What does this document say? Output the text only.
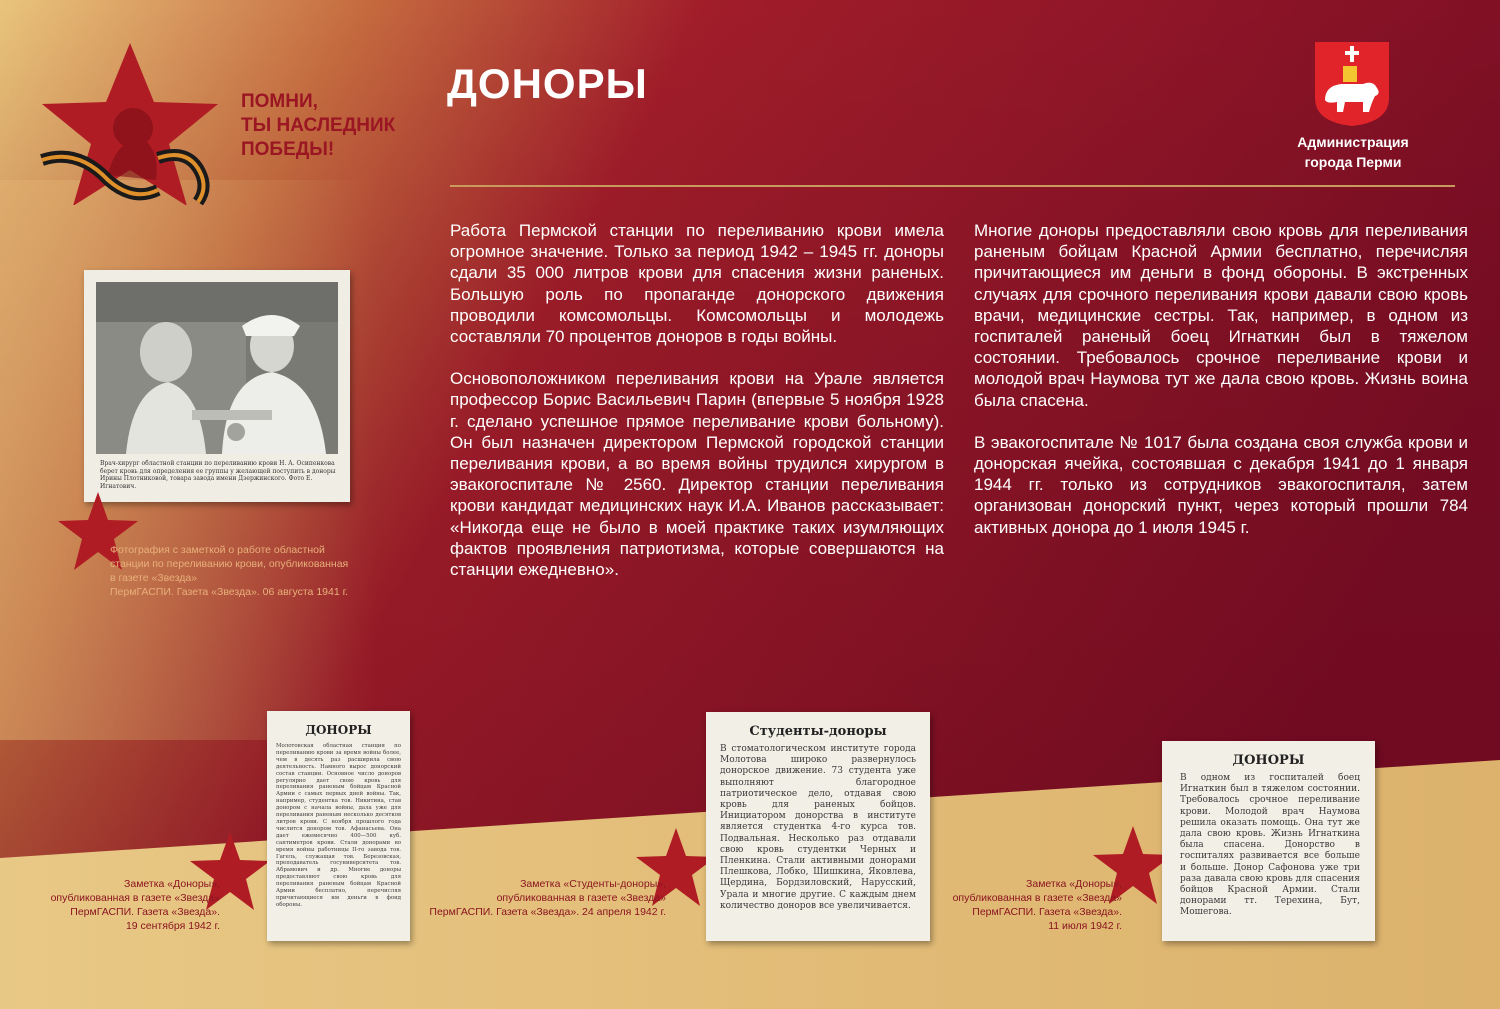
ПОМНИ,
ТЫ НАСЛЕДНИК
ПОБЕДЫ!
ДОНОРЫ
Администрация
города Перми

Работа Пермской станции по переливанию крови имела огромное значение. Только за период 1942 – 1945 гг. доноры сдали 35 000 литров крови для спасения жизни раненых. Большую роль по пропаганде донорского движения проводили комсомольцы. Комсомольцы и молодежь составляли 70 процентов доноров в годы войны.

Основоположником переливания крови на Урале является профессор Борис Васильевич Парин (впервые 5 ноября 1928 г. сделано успешное прямое переливание крови больному). Он был назначен директором Пермской городской станции переливания крови, а во время войны трудился хирургом в эвакогоспитале № 2560. Директор станции переливания крови кандидат медицинских наук И.А. Иванов рассказывает: «Никогда еще не было в моей практике таких изумляющих фактов проявления патриотизма, которые совершаются на станции ежедневно».

Многие доноры предоставляли свою кровь для переливания раненым бойцам Красной Армии бесплатно, перечисляя причитающиеся им деньги в фонд обороны. В экстренных случаях для срочного переливания крови давали свою кровь врачи, медицинские сестры. Так, например, в одном из госпиталей раненый боец Игнаткин был в тяжелом состоянии. Требовалось срочное переливание крови и молодой врач Наумова тут же дала свою кровь. Жизнь воина была спасена.

В эвакогоспитале № 1017 была создана своя служба крови и донорская ячейка, состоявшая с декабря 1941 до 1 января 1944 гг. только из сотрудников эвакогоспиталя, затем организован донорский пункт, через который прошли 784 активных донора до 1 июля 1945 г.

Врач-хирург областной станции по переливанию крови Н. А. Осипенкова берет кровь для определения ее группы у желающей поступить в доноры Ирины Плотниковой, товара завода имени Дзержинского. Фото Е. Игнатович.

Фотография с заметкой о работе областной
станции по переливанию крови, опубликованная
в газете «Звезда»
ПермГАСПИ. Газета «Звезда». 06 августа 1941 г.

ДОНОРЫ

Молотовская областная станция по переливанию крови за время войны более, чем в десять раз расширила свою деятельность. Намного вырос донорский состав станции. Основное число доноров регулярно дает свою кровь для переливания раненым бойцам Красной Армии с самых первых дней войны. Так, например, студентка тов. Никитина, став донором с начала войны, дала уже для переливания раненым несколько десятков литров крови. С ноября прошлого года числится донором тов. Афанасьева. Она дает ежемесячно 400—500 куб. сантиметров крови. Стали донорами во время войны работницы II-го завода тов. Гагель, служащая тов. Березовская, преподаватель госуниверситета тов. Абрамович и др. Многие доноры предоставляют свою кровь для переливания раненым бойцам Красной Армии бесплатно, перечисляя причитающиеся им деньги в фонд обороны.

Заметка «Доноры»,
опубликованная в газете «Звезда»
ПермГАСПИ. Газета «Звезда».
19 сентября 1942 г.

Студенты-доноры

В стоматологическом институте города Молотова широко развернулось донорское движение. 73 студента уже выполняют благородное патриотическое дело, отдавая свою кровь для раненых бойцов. Инициатором донорства в институте является студентка 4-го курса тов. Подвальная. Несколько раз отдавали свою кровь студентки Черных и Пленкина. Стали активными донорами Плешкова, Лобко, Шишкина, Яковлева, Щердина, Бордзиловский, Нарусский, Урала и многие другие. С каждым днем количество доноров все увеличивается.

Заметка «Студенты-доноры»,
опубликованная в газете «Звезда»
ПермГАСПИ. Газета «Звезда». 24 апреля 1942 г.

ДОНОРЫ

В одном из госпиталей боец Игнаткин был в тяжелом состоянии. Требовалось срочное переливание крови. Молодой врач Наумова решила оказать помощь. Она тут же дала свою кровь. Жизнь Игнаткина была спасена. Донорство в госпиталях развивается все больше и больше. Донор Сафонова уже три раза давала свою кровь для спасения бойцов Красной Армии. Стали донорами тт. Терехина, Бут, Мошегова.

Заметка «Доноры»,
опубликованная в газете «Звезда»
ПермГАСПИ. Газета «Звезда».
11 июля 1942 г.
